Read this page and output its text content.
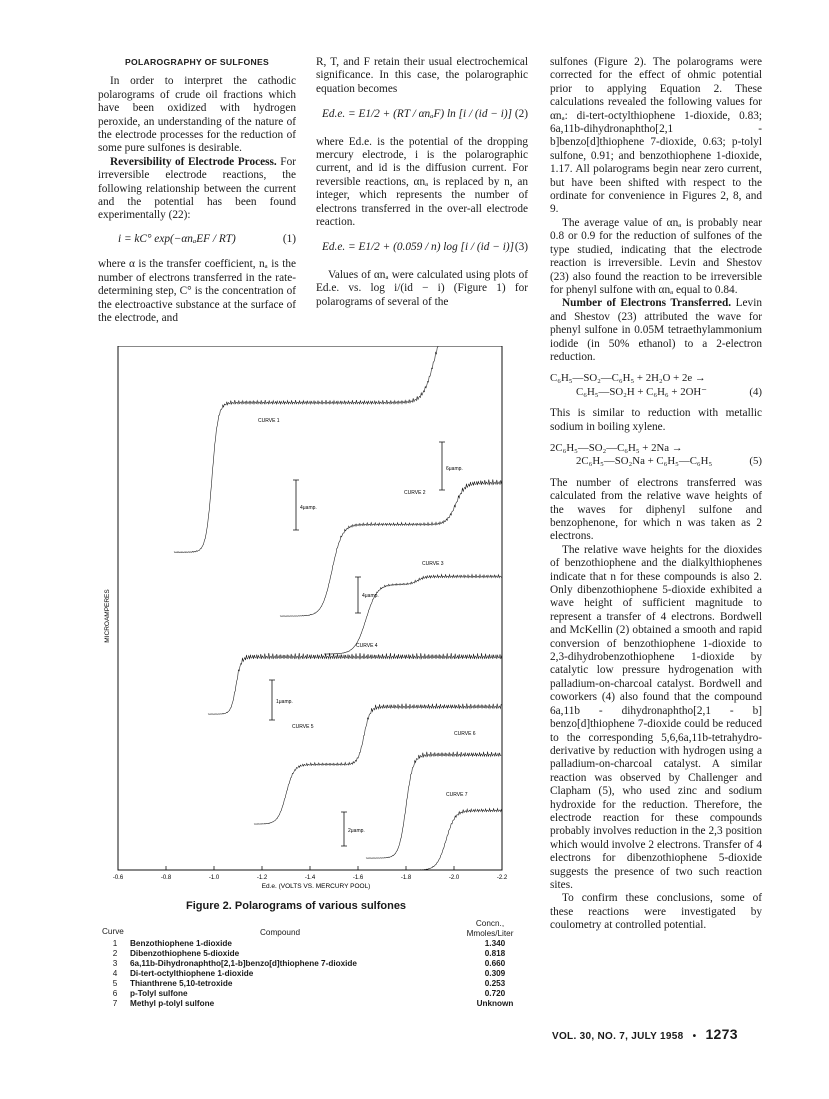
POLAROGRAPHY OF SULFONES

In order to interpret the cathodic polarograms of crude oil fractions which have been oxidized with hydrogen peroxide, an understanding of the nature of the electrode processes for the reduction of some pure sulfones is desirable.

Reversibility of Electrode Process. For irreversible electrode reactions, the following relationship between the current and the potential has been found experimentally (22):

i = kC° exp(−αnₐEF / RT)	(1)

where α is the transfer coefficient, nₐ is the number of electrons transferred in the rate-determining step, C° is the concentration of the electroactive substance at the surface of the electrode, and

R, T, and F retain their usual electrochemical significance. In this case, the polarographic equation becomes

Ed.e. = E1/2 + (RT / αnₐF) ln [i / (id − i)] (2)

where Ed.e. is the potential of the dropping mercury electrode, i is the polarographic current, and id is the diffusion current. For reversible reactions, αnₐ is replaced by n, an integer, which represents the number of electrons transferred in the over-all electrode reaction.

Ed.e. = E1/2 + (0.059 / n) log [i / (id − i)] (3)

Values of αnₐ were calculated using plots of Ed.e. vs. log i/(id − i) (Figure 1) for polarograms of several of the

sulfones (Figure 2). The polarograms were corrected for the effect of ohmic potential prior to applying Equation 2. These calculations revealed the following values for αnₐ: di-tert-octylthiophene 1-dioxide, 0.83; 6a,11b-dihydronaphtho[2,1 - b]benzo[d]thiophene 7-dioxide, 0.63; p-tolyl sulfone, 0.91; and benzothiophene 1-dioxide, 1.17. All polarograms begin near zero current, but have been shifted with respect to the ordinate for convenience in Figures 2, 8, and 9.

The average value of αnₐ is probably near 0.8 or 0.9 for the reduction of sulfones of the type studied, indicating that the electrode reaction is irreversible. Levin and Shestov (23) also found the reaction to be irreversible for phenyl sulfone with αnₐ equal to 0.84.

Number of Electrons Transferred. Levin and Shestov (23) attributed the wave for phenyl sulfone in 0.05M tetraethylammonium iodide (in 50% ethanol) to a 2-electron reduction.

C₆H₅—SO₂—C₆H₅ + 2H₂O + 2e →
C₆H₅—SO₂H + C₆H₆ + 2OH⁻	(4)

This is similar to reduction with metallic sodium in boiling xylene.

2C₆H₅—SO₂—C₆H₅ + 2Na →
2C₆H₅—SO₂Na + C₆H₅—C₆H₅	(5)

The number of electrons transferred was calculated from the relative wave heights of the waves for diphenyl sulfone and benzophenone, for which n was taken as 2 electrons.

The relative wave heights for the dioxides of benzothiophene and the dialkylthiophenes indicate that n for these compounds is also 2. Only dibenzothiophene 5-dioxide exhibited a wave height of sufficient magnitude to represent a transfer of 4 electrons. Bordwell and McKellin (2) obtained a smooth and rapid conversion of benzothiophene 1-dioxide to 2,3-dihydrobenzothiophene 1-dioxide by catalytic low pressure hydrogenation with palladium-on-charcoal catalyst. Bordwell and coworkers (4) also found that the compound 6a,11b - dihydronaphtho[2,1 - b] benzo[d]thiophene 7-dioxide could be reduced to the corresponding 5,6,6a,11b-tetrahydro-derivative by reduction with hydrogen using a palladium-on-charcoal catalyst. A similar reaction was observed by Challenger and Clapham (5), who used zinc and sodium hydroxide for the reduction. Therefore, the electrode reaction for these compounds probably involves reduction in the 2,3 position which would involve 2 electrons. Transfer of 4 electrons for dibenzothiophene 5-dioxide suggests the presence of two such reaction sites.

To confirm these conclusions, some of these reactions were investigated by coulometry at controlled potential.

-0.6	-0.8	-1.0	-1.2	-1.4	-1.6	-1.8	-2.0	-2.2
MICROAMPERES
Ed.e. (VOLTS VS. MERCURY POOL)
CURVE 1
CURVE 2
CURVE 3
CURVE 4
CURVE 5
CURVE 6
CURVE 7
6μamp.
4μamp.
4μamp.
1μamp.
2μamp.
Figure 2. Polarograms of various sulfones
Curve	Compound
Concn., Mmoles/Liter
1	Benzothiophene 1-dioxide	1.340
2	Dibenzothiophene 5-dioxide	0.818
3	6a,11b-Dihydronaphtho[2,1-b]benzo[d]thiophene 7-dioxide	0.660
4	Di-tert-octylthiophene 1-dioxide	0.309
5	Thianthrene 5,10-tetroxide	0.253
6	p-Tolyl sulfone	0.720
7	Methyl p-tolyl sulfone	Unknown
VOL. 30, NO. 7, JULY 1958 • 1273
